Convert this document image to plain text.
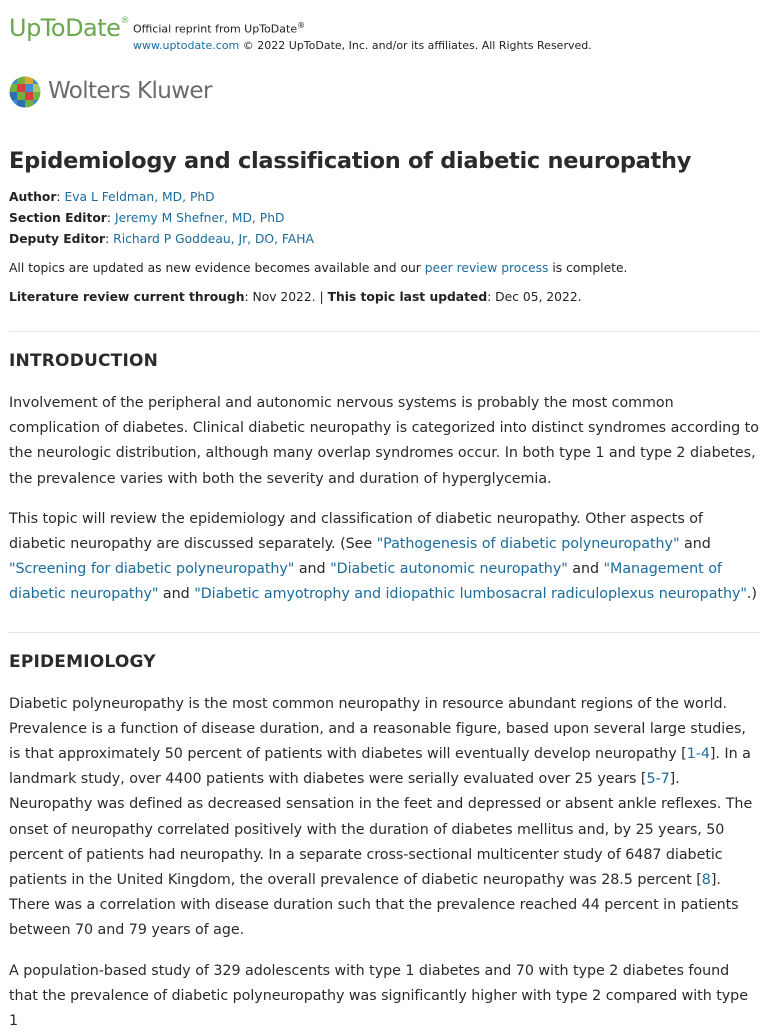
UpToDate®
Official reprint from UpToDate®
www.uptodate.com © 2022 UpToDate, Inc. and/or its affiliates. All Rights Reserved.
Wolters Kluwer
Epidemiology and classification of diabetic neuropathy
Author: Eva L Feldman, MD, PhD
Section Editor: Jeremy M Shefner, MD, PhD
Deputy Editor: Richard P Goddeau, Jr, DO, FAHA
All topics are updated as new evidence becomes available and our peer review process is complete.
Literature review current through: Nov 2022. | This topic last updated: Dec 05, 2022.
INTRODUCTION

Involvement of the peripheral and autonomic nervous systems is probably the most common complication of diabetes. Clinical diabetic neuropathy is categorized into distinct syndromes according to the neurologic distribution, although many overlap syndromes occur. In both type 1 and type 2 diabetes, the prevalence varies with both the severity and duration of hyperglycemia.

This topic will review the epidemiology and classification of diabetic neuropathy. Other aspects of diabetic neuropathy are discussed separately. (See "Pathogenesis of diabetic polyneuropathy" and "Screening for diabetic polyneuropathy" and "Diabetic autonomic neuropathy" and "Management of diabetic neuropathy" and "Diabetic amyotrophy and idiopathic lumbosacral radiculoplexus neuropathy".)

EPIDEMIOLOGY

Diabetic polyneuropathy is the most common neuropathy in resource abundant regions of the world. Prevalence is a function of disease duration, and a reasonable figure, based upon several large studies, is that approximately 50 percent of patients with diabetes will eventually develop neuropathy [1-4]. In a landmark study, over 4400 patients with diabetes were serially evaluated over 25 years [5-7]. Neuropathy was defined as decreased sensation in the feet and depressed or absent ankle reflexes. The onset of neuropathy correlated positively with the duration of diabetes mellitus and, by 25 years, 50 percent of patients had neuropathy. In a separate cross-sectional multicenter study of 6487 diabetic patients in the United Kingdom, the overall prevalence of diabetic neuropathy was 28.5 percent [8]. There was a correlation with disease duration such that the prevalence reached 44 percent in patients between 70 and 79 years of age.

A population-based study of 329 adolescents with type 1 diabetes and 70 with type 2 diabetes found that the prevalence of diabetic polyneuropathy was significantly higher with type 2 compared with type 1
